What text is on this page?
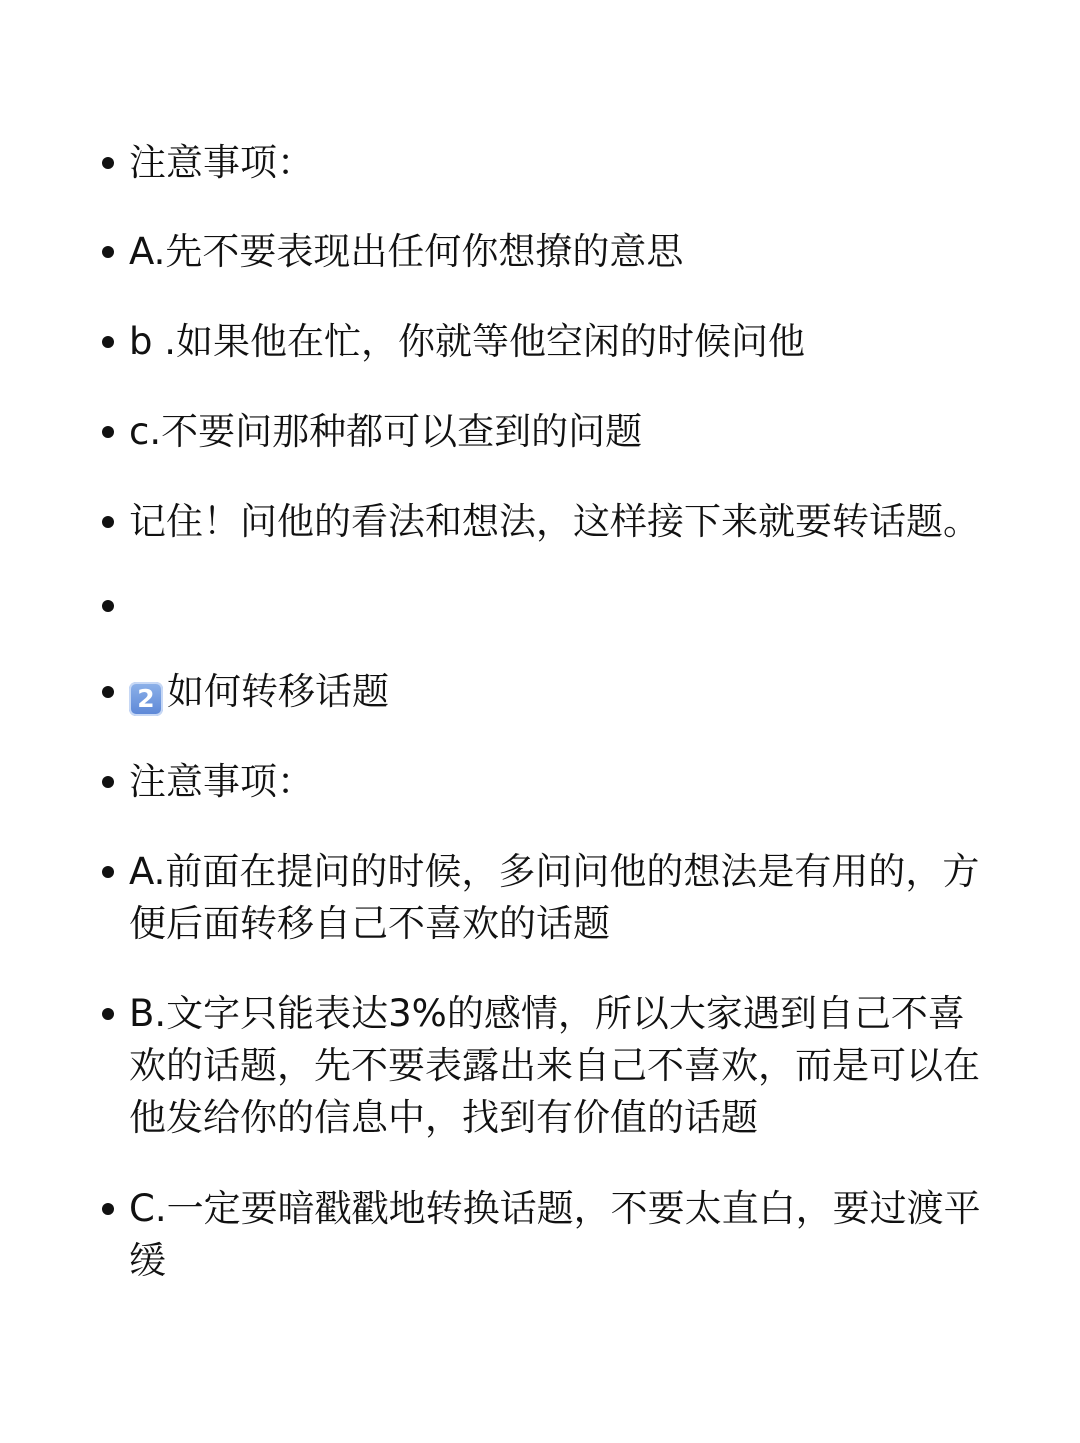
注意事项：
A.先不要表现出任何你想撩的意思
b .如果他在忙，你就等他空闲的时候问他
c.不要问那种都可以查到的问题
记住！问他的看法和想法，这样接下来就要转话题。
2 如何转移话题
注意事项：
A.前面在提问的时候，多问问他的想法是有用的，方便后面转移自己不喜欢的话题
B.文字只能表达3%的感情，所以大家遇到自己不喜欢的话题，先不要表露出来自己不喜欢，而是可以在他发给你的信息中，找到有价值的话题
C.一定要暗戳戳地转换话题，不要太直白，要过渡平缓
